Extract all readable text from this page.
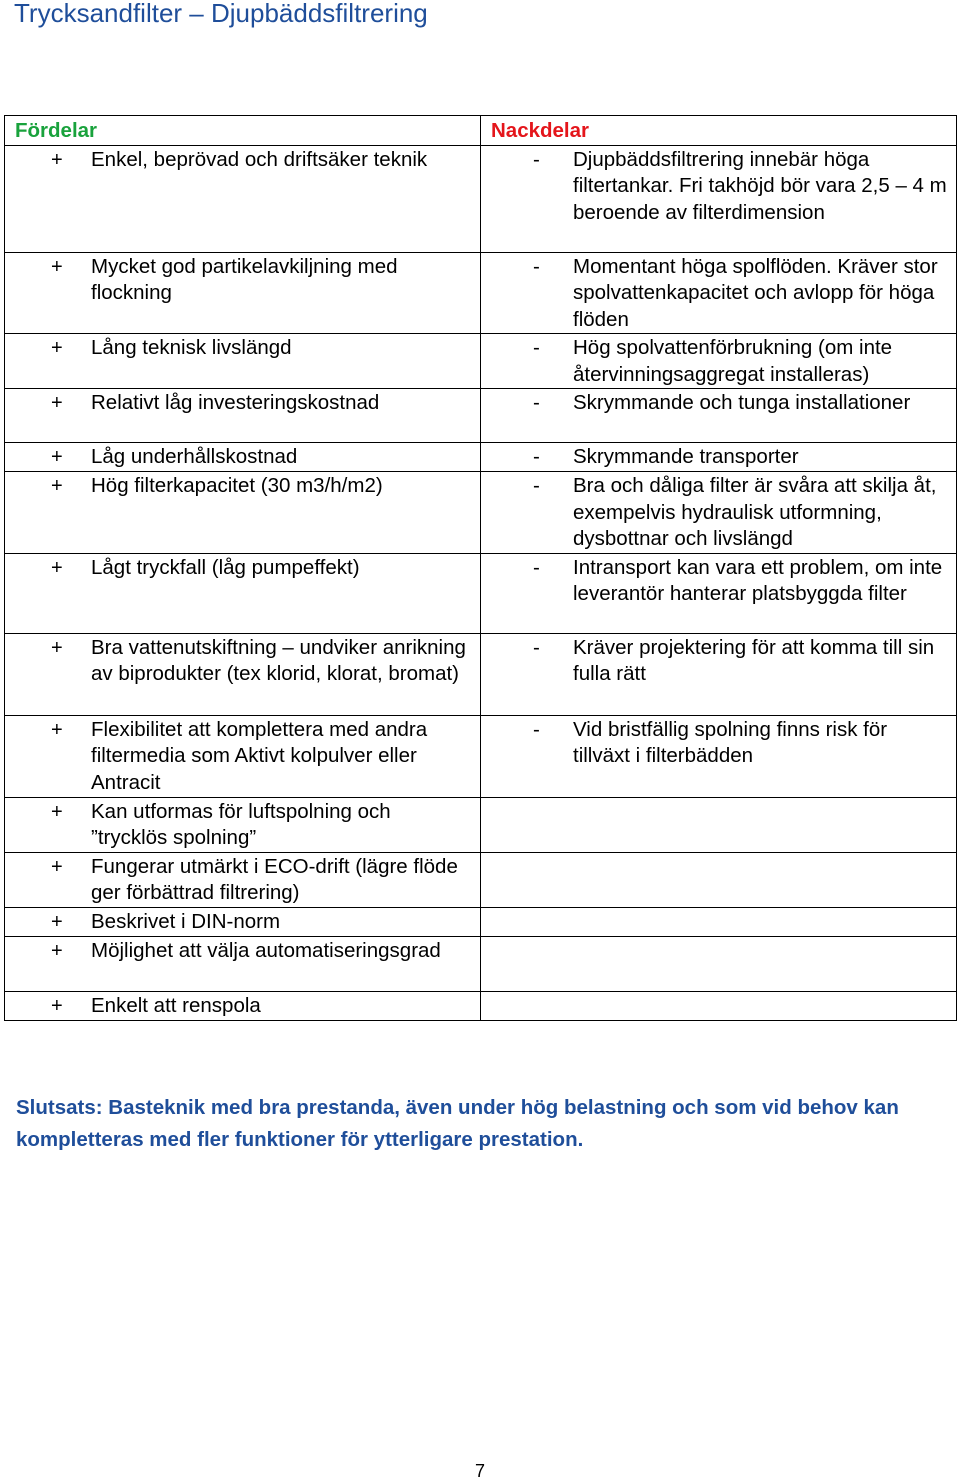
Trycksandfilter – Djupbäddsfiltrering
Fördelar	Nackdelar

+ Enkel, beprövad och driftsäker teknik	- Djupbäddsfiltrering innebär höga filtertankar. Fri takhöjd bör vara 2,5 – 4 m beroende av filterdimension

+ Mycket god partikelavkiljning med flockning	- Momentant höga spolflöden. Kräver stor spolvattenkapacitet och avlopp för höga flöden

+ Lång teknisk livslängd	- Hög spolvattenförbrukning (om inte återvinningsaggregat installeras)

+ Relativt låg investeringskostnad	- Skrymmande och tunga installationer

+ Låg underhållskostnad	- Skrymmande transporter

+ Hög filterkapacitet (30 m3/h/m2)	- Bra och dåliga filter är svåra att skilja åt, exempelvis hydraulisk utformning, dysbottnar och livslängd

+ Lågt tryckfall (låg pumpeffekt)	- Intransport kan vara ett problem, om inte leverantör hanterar platsbyggda filter

+ Bra vattenutskiftning – undviker anrikning av biprodukter (tex klorid, klorat, bromat)	- Kräver projektering för att komma till sin fulla rätt

+ Flexibilitet att komplettera med andra filtermedia som Aktivt kolpulver eller Antracit	- Vid bristfällig spolning finns risk för tillväxt i filterbädden

+ Kan utformas för luftspolning och ”trycklös spolning”	

+ Fungerar utmärkt i ECO-drift (lägre flöde ger förbättrad filtrering)	

+ Beskrivet i DIN-norm	

+ Möjlighet att välja automatiseringsgrad	

+ Enkelt att renspola	

Slutsats: Basteknik med bra prestanda, även under hög belastning och som vid behov kan kompletteras med fler funktioner för ytterligare prestation.
7
